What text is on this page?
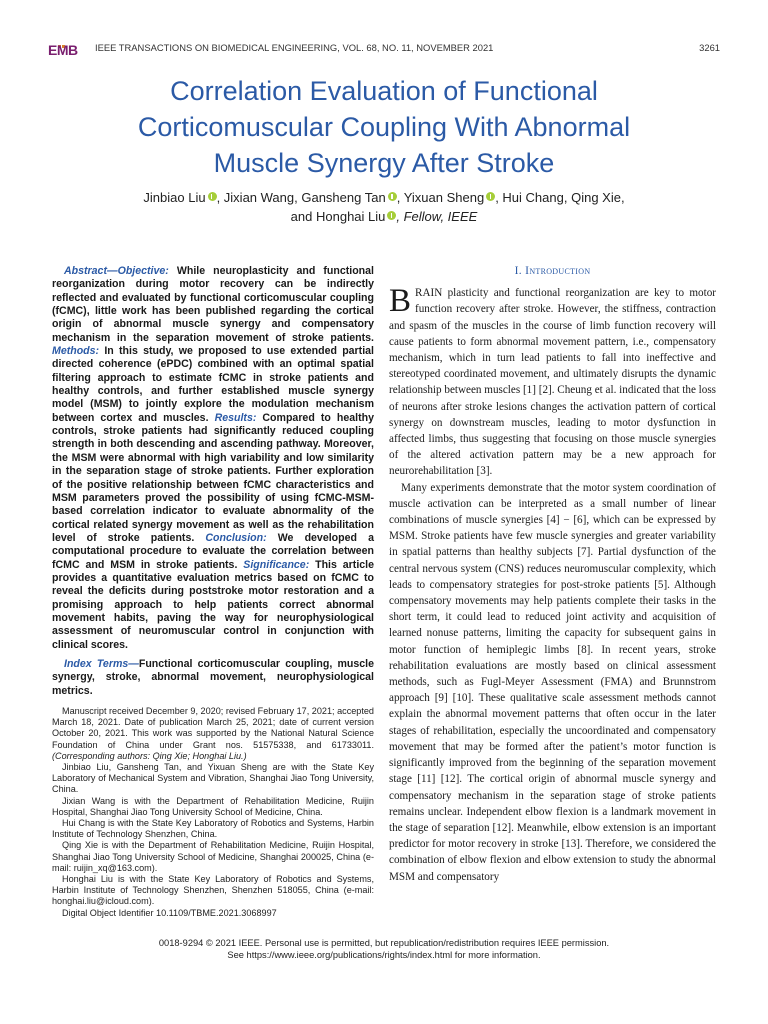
EMB IEEE TRANSACTIONS ON BIOMEDICAL ENGINEERING, VOL. 68, NO. 11, NOVEMBER 2021	3261
Correlation Evaluation of Functional
Corticomuscular Coupling With Abnormal
Muscle Synergy After Stroke

Jinbiao Liu , Jixian Wang, Gansheng Tan , Yixuan Sheng , Hui Chang, Qing Xie,
and Honghai Liu , Fellow, IEEE

Abstract—Objective: While neuroplasticity and functional reorganization during motor recovery can be indirectly reflected and evaluated by functional corticomuscular coupling (fCMC), little work has been published regarding the cortical origin of abnormal muscle synergy and compensatory mechanism in the separation movement of stroke patients. Methods: In this study, we proposed to use extended partial directed coherence (ePDC) combined with an optimal spatial filtering approach to estimate fCMC in stroke patients and healthy controls, and further established muscle synergy model (MSM) to jointly explore the modulation mechanism between cortex and muscles. Results: Compared to healthy controls, stroke patients had significantly reduced coupling strength in both descending and ascending pathway. Moreover, the MSM were abnormal with high variability and low similarity in the separation stage of stroke patients. Further exploration of the positive relationship between fCMC characteristics and MSM parameters proved the possibility of using fCMC-MSM-based correlation indicator to evaluate abnormality of the cortical related synergy movement as well as the rehabilitation level of stroke patients. Conclusion: We developed a computational procedure to evaluate the correlation between fCMC and MSM in stroke patients. Significance: This article provides a quantitative evaluation metrics based on fCMC to reveal the deficits during poststroke motor restoration and a promising approach to help patients correct abnormal movement habits, paving the way for neurophysiological assessment of neuromuscular control in conjunction with clinical scores.

Index Terms—Functional corticomuscular coupling, muscle synergy, stroke, abnormal movement, neurophysiological metrics.

Manuscript received December 9, 2020; revised February 17, 2021; accepted March 18, 2021. Date of publication March 25, 2021; date of current version October 20, 2021. This work was supported by the National Natural Science Foundation of China under Grant nos. 51575338, and 61733011. (Corresponding authors: Qing Xie; Honghai Liu.)

Jinbiao Liu, Gansheng Tan, and Yixuan Sheng are with the State Key Laboratory of Mechanical System and Vibration, Shanghai Jiao Tong University, China.

Jixian Wang is with the Department of Rehabilitation Medicine, Ruijin Hospital, Shanghai Jiao Tong University School of Medicine, China.

Hui Chang is with the State Key Laboratory of Robotics and Systems, Harbin Institute of Technology Shenzhen, China.

Qing Xie is with the Department of Rehabilitation Medicine, Ruijin Hospital, Shanghai Jiao Tong University School of Medicine, Shanghai 200025, China (e-mail: ruijin_xq@163.com).

Honghai Liu is with the State Key Laboratory of Robotics and Systems, Harbin Institute of Technology Shenzhen, Shenzhen 518055, China (e-mail: honghai.liu@icloud.com).

Digital Object Identifier 10.1109/TBME.2021.3068997

I. Introduction

BRAIN plasticity and functional reorganization are key to motor function recovery after stroke. However, the stiffness, contraction and spasm of the muscles in the course of limb function recovery will cause patients to form abnormal movement pattern, i.e., compensatory mechanism, which in turn lead patients to fall into ineffective and stereotyped coordinated movement, and ultimately disrupts the dynamic relationship between muscles [1] [2]. Cheung et al. indicated that the loss of neurons after stroke lesions changes the activation pattern of cortical synergy on downstream muscles, leading to motor dysfunction in affected limbs, thus suggesting that focusing on those muscle synergies of the altered activation pattern may be a new approach for neurorehabilitation [3].

Many experiments demonstrate that the motor system coordination of muscle activation can be interpreted as a small number of linear combinations of muscle synergies [4] − [6], which can be expressed by MSM. Stroke patients have few muscle synergies and greater variability in spatial patterns than healthy subjects [7]. Partial dysfunction of the central nervous system (CNS) reduces neuromuscular complexity, which leads to compensatory strategies for post-stroke patients [5]. Although compensatory movements may help patients complete their tasks in the short term, it could lead to reduced joint activity and acquisition of learned nonuse patterns, limiting the capacity for subsequent gains in motor function of hemiplegic limbs [8]. In recent years, stroke rehabilitation evaluations are mostly based on clinical assessment methods, such as Fugl-Meyer Assessment (FMA) and Brunnstrom approach [9] [10]. These qualitative scale assessment methods cannot explain the abnormal movement patterns that often occur in the later stages of rehabilitation, especially the uncoordinated and compensatory movement that may be formed after the patient’s motor function is significantly improved from the beginning of the separation movement stage [11] [12]. The cortical origin of abnormal muscle synergy and compensatory mechanism in the separation stage of stroke patients remains unclear. Independent elbow flexion is a landmark movement in the stage of separation [12]. Meanwhile, elbow extension is an important predictor for motor recovery in stroke [13]. Therefore, we considered the combination of elbow flexion and elbow extension to study the abnormal MSM and compensatory

0018-9294 © 2021 IEEE. Personal use is permitted, but republication/redistribution requires IEEE permission.

See https://www.ieee.org/publications/rights/index.html for more information.
